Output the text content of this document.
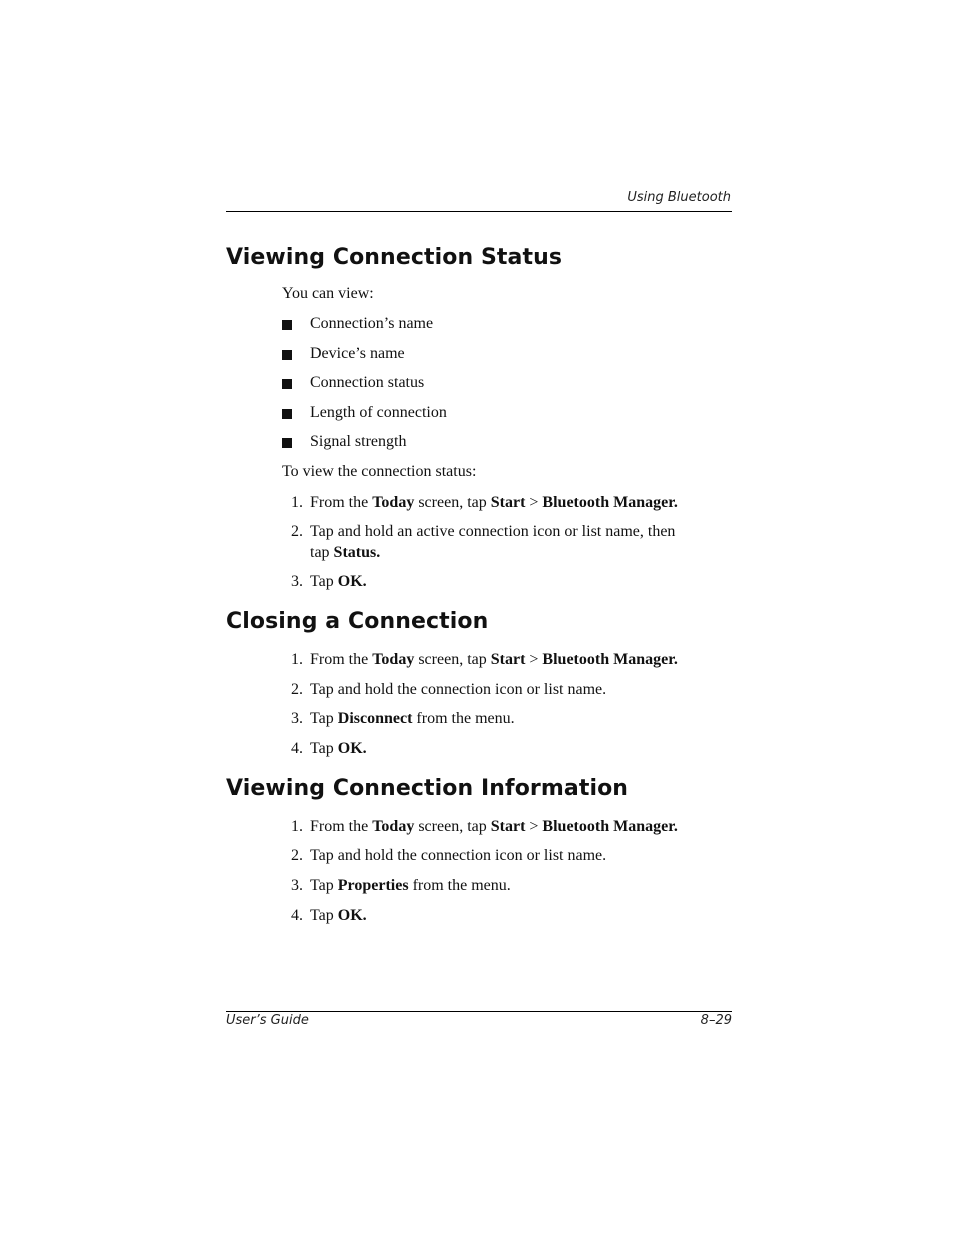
Using Bluetooth
Viewing Connection Status

You can view:

Connection’s name
Device’s name
Connection status
Length of connection
Signal strength

To view the connection status:

1. From the Today screen, tap Start > Bluetooth Manager.
2. Tap and hold an active connection icon or list name, then
tap Status.
3. Tap OK.
Closing a Connection
1. From the Today screen, tap Start > Bluetooth Manager.
2. Tap and hold the connection icon or list name.
3. Tap Disconnect from the menu.
4. Tap OK.
Viewing Connection Information
1. From the Today screen, tap Start > Bluetooth Manager.
2. Tap and hold the connection icon or list name.
3. Tap Properties from the menu.
4. Tap OK.
User’s Guide	8–29
